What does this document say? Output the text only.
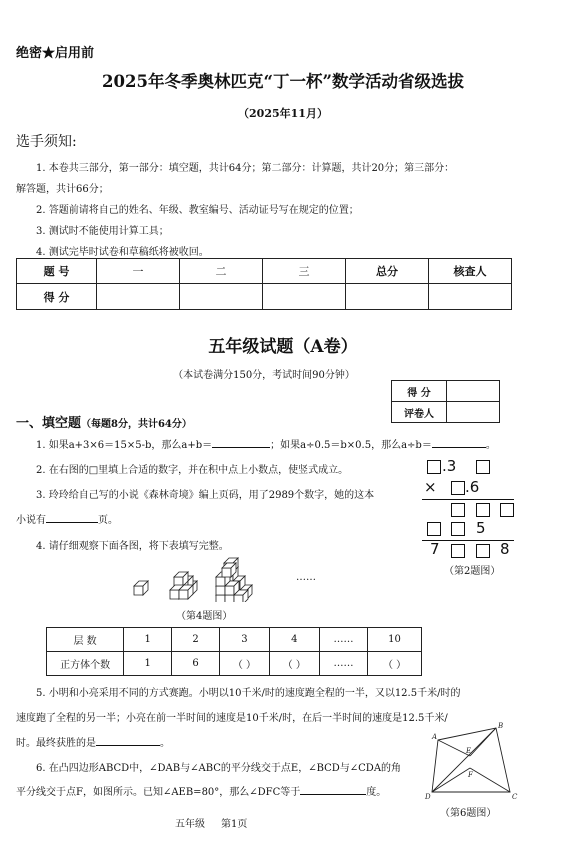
绝密★启用前
2025年冬季奥林匹克“丁一杯”数学活动省级选拔
（2025年11月）
选手须知:
1. 本卷共三部分，第一部分：填空题，共计64分；第二部分：计算题，共计20分；第三部分：
解答题，共计66分；
2. 答题前请将自己的姓名、年级、教室编号、活动证号写在规定的位置；
3. 测试时不能使用计算工具；
4. 测试完毕时试卷和草稿纸将被收回。
题 号	一	二	三	总分	核查人
得 分					
五年级试题（A卷）
（本试卷满分150分，考试时间90分钟）
得 分	
评卷人	
一、填空题（每题8分，共计64分）
1. 如果a+3×6＝15×5-b，那么a+b＝	；如果a÷0.5＝b×0.5，那么a÷b＝	。
2. 在右图的□里填上合适的数字，并在积中点上小数点，使竖式成立。
3. 玲玲给自己写的小说《森林奇境》编上页码，用了2989个数字，她的这本
小说有	页。
4. 请仔细观察下面各图，将下表填写完整。
.3
× .6
5
7	8
（第2题图）
……
（第4题图）
层 数	1	2	3	4	……	10
正方体个数	1	6	（ ）	（ ）	……	（ ）
5. 小明和小亮采用不同的方式赛跑。小明以10千米/时的速度跑全程的一半，又以12.5千米/时的
速度跑了全程的另一半；小亮在前一半时间的速度是10千米/时，在后一半时间的速度是12.5千米/
时。最终获胜的是	。
6. 在凸四边形ABCD中，∠DAB与∠ABC的平分线交于点E，∠BCD与∠CDA的角
平分线交于点F，如图所示。已知∠AEB=80°，那么∠DFC等于	度。
A
B
C
D
E
F
（第6题图）
五年级 第1页
